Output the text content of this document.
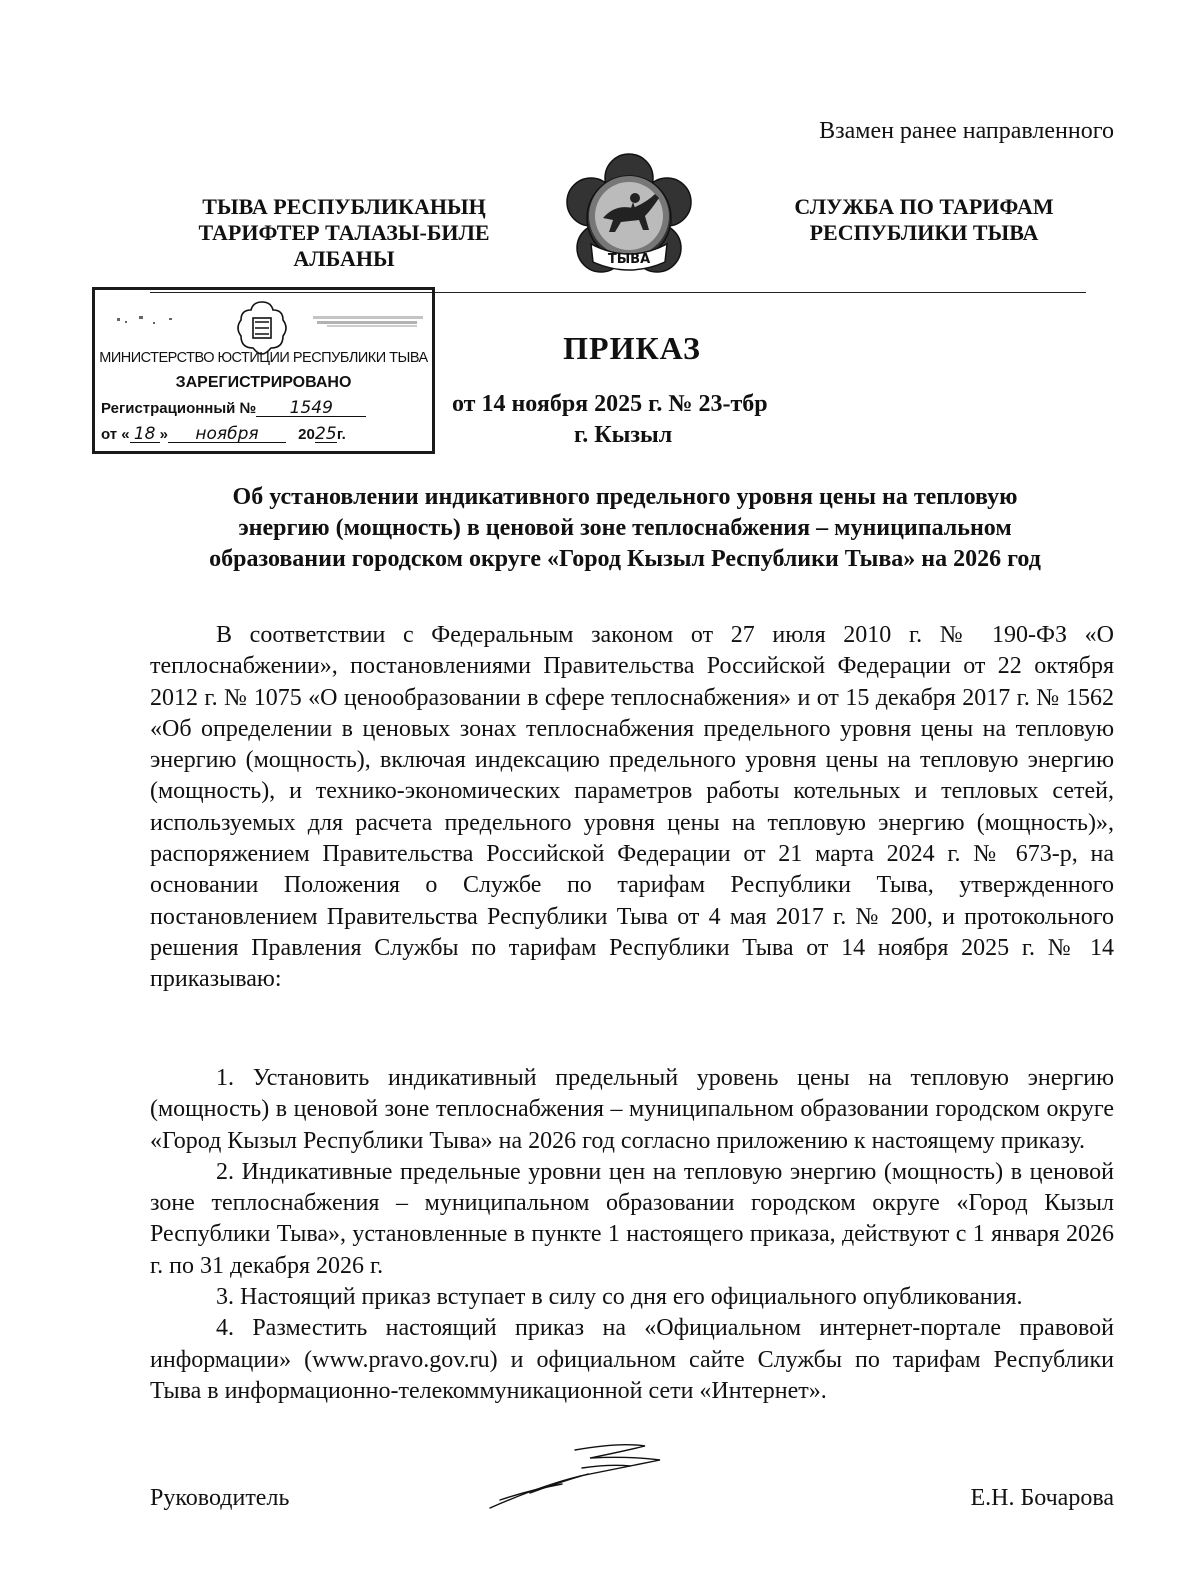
Взамен ранее направленного
ТЫВА РЕСПУБЛИКАНЫҢ
ТАРИФТЕР ТАЛАЗЫ-БИЛЕ
АЛБАНЫ	ТЫВА
СЛУЖБА ПО ТАРИФАМ
РЕСПУБЛИКИ ТЫВА
МИНИСТЕРСТВО ЮСТИЦИИ РЕСПУБЛИКИ ТЫВА
ЗАРЕГИСТРИРОВАНО
Регистрационный № 1549
от « 18 » ноября	2025г.
ПРИКАЗ
от 14 ноября 2025 г. № 23-тбр
г. Кызыл

Об установлении индикативного предельного уровня цены на тепловую

энергию (мощность) в ценовой зоне теплоснабжения – муниципальном

образовании городском округе «Город Кызыл Республики Тыва» на 2026 год

В соответствии с Федеральным законом от 27 июля 2010 г. № 190-ФЗ «О теплоснабжении», постановлениями Правительства Российской Федерации от 22 октября 2012 г. № 1075 «О ценообразовании в сфере теплоснабжения» и от 15 декабря 2017 г. № 1562 «Об определении в ценовых зонах теплоснабжения предельного уровня цены на тепловую энергию (мощность), включая индексацию предельного уровня цены на тепловую энергию (мощность), и технико-экономических параметров работы котельных и тепловых сетей, используемых для расчета предельного уровня цены на тепловую энергию (мощность)», распоряжением Правительства Российской Федерации от 21 марта 2024 г. № 673-р, на основании Положения о Службе по тарифам Республики Тыва, утвержденного постановлением Правительства Республики Тыва от 4 мая 2017 г. № 200, и протокольного решения Правления Службы по тарифам Республики Тыва от 14 ноября 2025 г. № 14 приказываю:

1. Установить индикативный предельный уровень цены на тепловую энергию (мощность) в ценовой зоне теплоснабжения – муниципальном образовании городском округе «Город Кызыл Республики Тыва» на 2026 год согласно приложению к настоящему приказу.

2. Индикативные предельные уровни цен на тепловую энергию (мощность) в ценовой зоне теплоснабжения – муниципальном образовании городском округе «Город Кызыл Республики Тыва», установленные в пункте 1 настоящего приказа, действуют с 1 января 2026 г. по 31 декабря 2026 г.

3. Настоящий приказ вступает в силу со дня его официального опубликования.

4. Разместить настоящий приказ на «Официальном интернет-портале правовой информации» (www.pravo.gov.ru) и официальном сайте Службы по тарифам Республики Тыва в информационно-телекоммуникационной сети «Интернет».

Руководитель	Е.Н. Бочарова
